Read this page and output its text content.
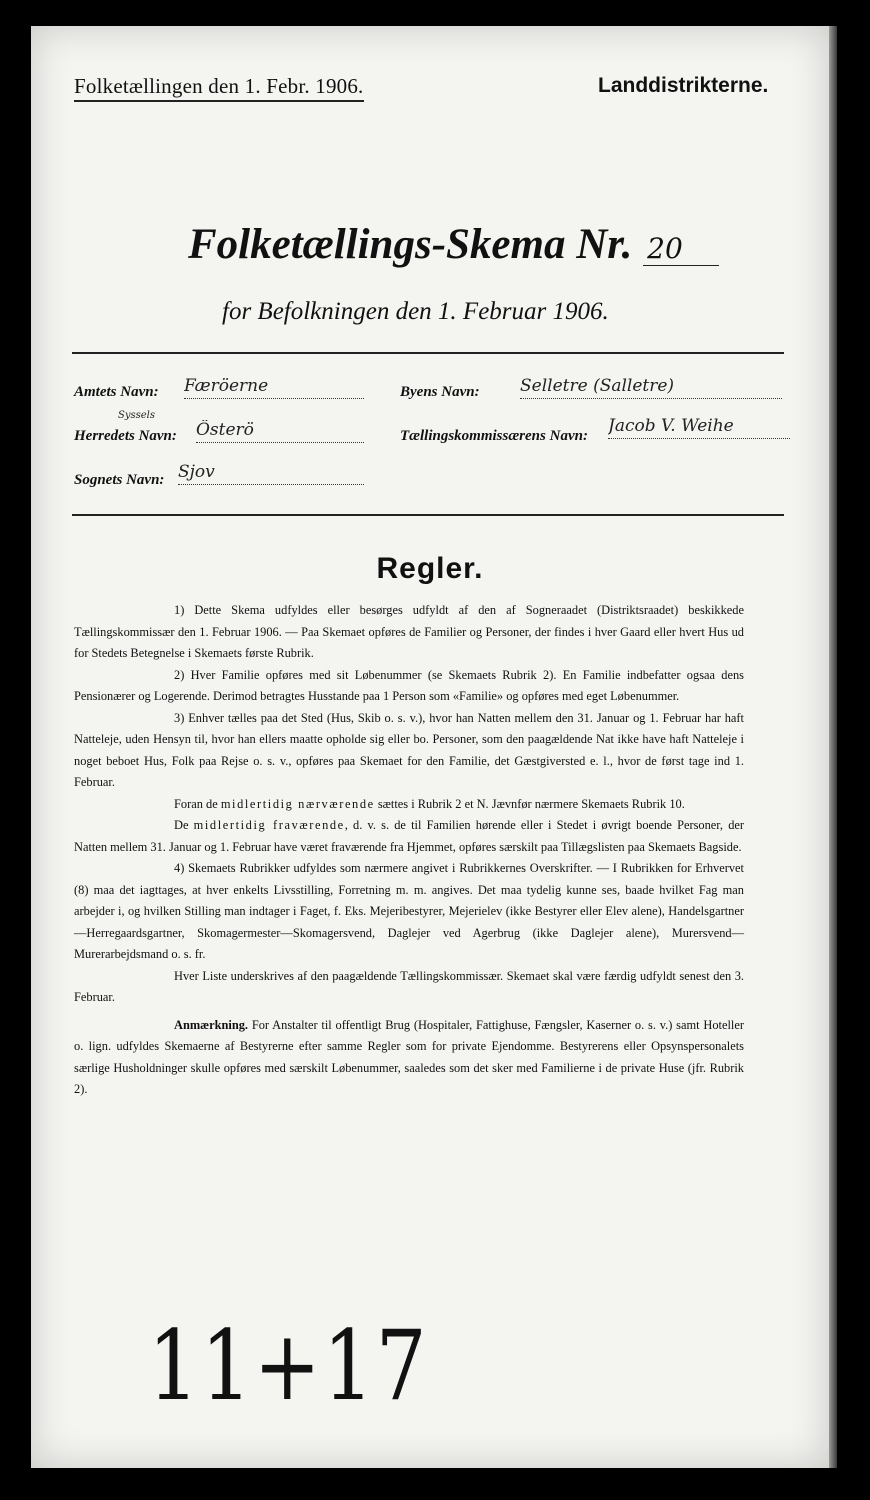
Folketællingen den 1. Febr. 1906.	Landdistrikterne.
Folketællings-Skema Nr. 20
for Befolkningen den 1. Februar 1906.
Amtets Navn: Færöerne	Byens Navn: Selletre (Salletre)
Syssels
Herredets Navn: Österö	Tællingskommissærens Navn: Jacob V. Weihe
Sognets Navn: Sjov
Regler.

1) Dette Skema udfyldes eller besørges udfyldt af den af Sogneraadet (Distriktsraadet) beskikkede Tællingskommissær den 1. Februar 1906. — Paa Skemaet opføres de Familier og Personer, der findes i hver Gaard eller hvert Hus ud for Stedets Betegnelse i Skemaets første Rubrik.

2) Hver Familie opføres med sit Løbenummer (se Skemaets Rubrik 2). En Familie indbefatter ogsaa dens Pensionærer og Logerende. Derimod betragtes Husstande paa 1 Person som «Familie» og opføres med eget Løbenummer.

3) Enhver tælles paa det Sted (Hus, Skib o. s. v.), hvor han Natten mellem den 31. Januar og 1. Februar har haft Natteleje, uden Hensyn til, hvor han ellers maatte opholde sig eller bo. Personer, som den paagældende Nat ikke have haft Natteleje i noget beboet Hus, Folk paa Rejse o. s. v., opføres paa Skemaet for den Familie, det Gæstgiversted e. l., hvor de først tage ind 1. Februar.

Foran de midlertidig nærværende sættes i Rubrik 2 et N. Jævnfør nærmere Skemaets Rubrik 10.

De midlertidig fraværende, d. v. s. de til Familien hørende eller i Stedet i øvrigt boende Personer, der Natten mellem 31. Januar og 1. Februar have været fraværende fra Hjemmet, opføres særskilt paa Tillægslisten paa Skemaets Bagside.

4) Skemaets Rubrikker udfyldes som nærmere angivet i Rubrikkernes Overskrifter. — I Rubrikken for Erhvervet (8) maa det iagttages, at hver enkelts Livsstilling, Forretning m. m. angives. Det maa tydelig kunne ses, baade hvilket Fag man arbejder i, og hvilken Stilling man indtager i Faget, f. Eks. Mejeribestyrer, Mejerielev (ikke Bestyrer eller Elev alene), Handelsgartner—Herregaardsgartner, Skomagermester—Skomagersvend, Daglejer ved Agerbrug (ikke Daglejer alene), Murersvend—Murerarbejdsmand o. s. fr.

Hver Liste underskrives af den paagældende Tællingskommissær. Skemaet skal være færdig udfyldt senest den 3. Februar.

Anmærkning. For Anstalter til offentligt Brug (Hospitaler, Fattighuse, Fængsler, Kaserner o. s. v.) samt Hoteller o. lign. udfyldes Skemaerne af Bestyrerne efter samme Regler som for private Ejendomme. Bestyrerens eller Opsynspersonalets særlige Husholdninger skulle opføres med særskilt Løbenummer, saaledes som det sker med Familierne i de private Huse (jfr. Rubrik 2).

11+17
